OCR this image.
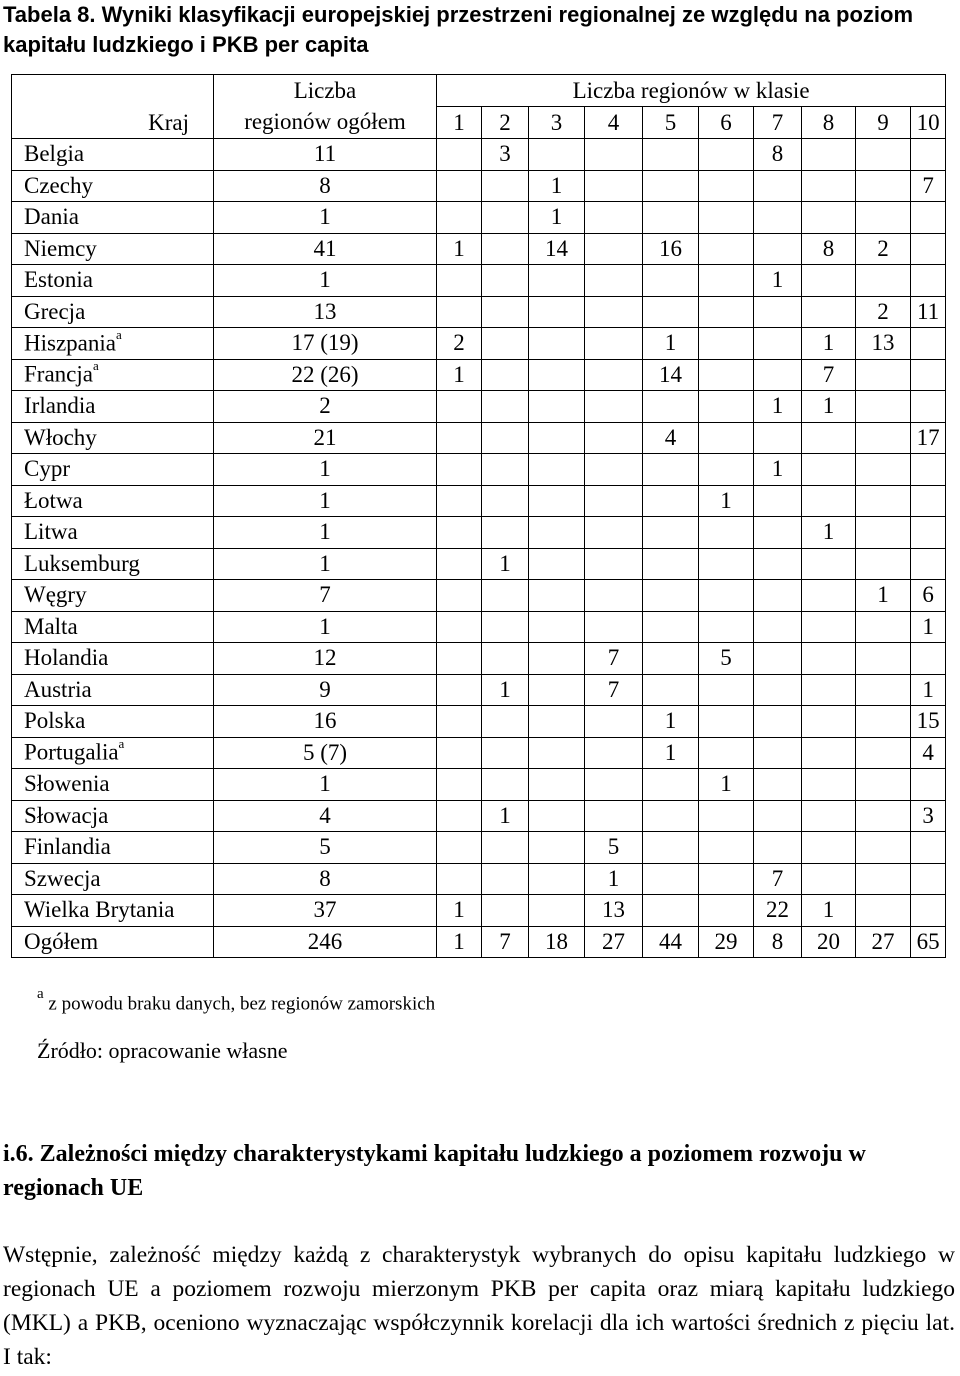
Tabela 8. Wyniki klasyfikacji europejskiej przestrzeni regionalnej ze względu na poziom kapitału ludzkiego i PKB per capita
Kraj	Liczba	Liczba regionów w klasie									
	regionów ogółem	1	2	3	4	5	6	7	8	9	10
Belgia	11		3					8			
Czechy	8			1							7
Dania	1			1							
Niemcy	41	1		14		16			8	2	
Estonia	1							1			
Grecja	13									2	11
Hiszpania$^a$	17 (19)	2				1			1	13	
Francja$^a$	22 (26)	1				14			7		
Irlandia	2							1	1		
Włochy	21					4					17
Cypr	1							1			
Łotwa	1						1				
Litwa	1								1		
Luksemburg	1		1								
Węgry	7									1	6
Malta	1										1
Holandia	12				7		5				
Austria	9		1		7						1
Polska	16					1					15
Portugalia$^a$	5 (7)					1					4
Słowenia	1						1				
Słowacja	4		1								3
Finlandia	5				5						
Szwecja	8				1			7			
Wielka Brytania	37	1			13			22	1		
Ogółem	246	1	7	18	27	44	29	8	20	27	65
$^a$ z powodu braku danych, bez regionów zamorskich
Źródło: opracowanie własne
i.6. Zależności między charakterystykami kapitału ludzkiego a poziomem rozwoju w regionach UE
Wstępnie, zależność między każdą z charakterystyk wybranych do opisu kapitału ludzkiego w regionach UE a poziomem rozwoju mierzonym PKB per capita oraz miarą kapitału ludzkiego (MKL) a PKB, oceniono wyznaczając współczynnik korelacji dla ich wartości średnich z pięciu lat. I tak:
